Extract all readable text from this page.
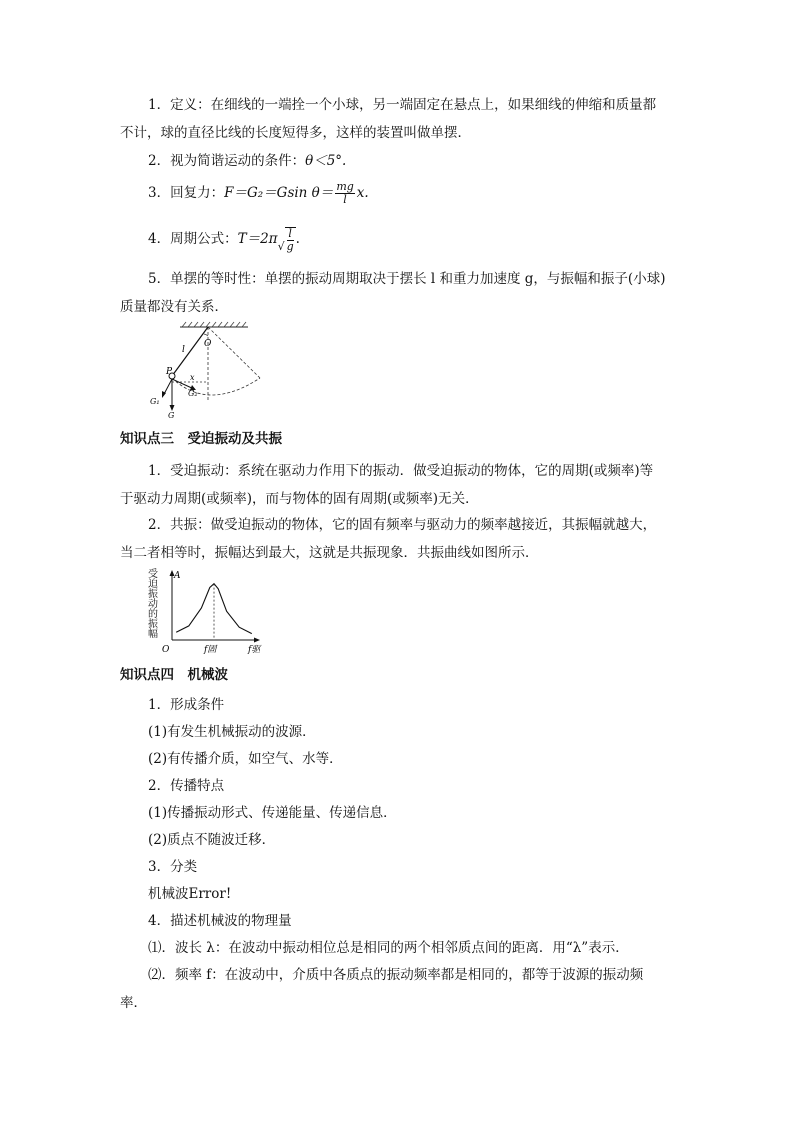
1．定义：在细线的一端拴一个小球，另一端固定在悬点上，如果细线的伸缩和质量都
不计，球的直径比线的长度短得多，这样的装置叫做单摆．
2．视为简谐运动的条件：θ＜5°.
3．回复力：F＝G₂＝Gsin $\theta= \frac{mg}{l} x$.
4．周期公式：$T=2\pi√ \frac{l}{g}$ .
5．单摆的等时性：单摆的振动周期取决于摆长 l 和重力加速度 g，与振幅和振子(小球)
质量都没有关系．
O
l
P
x
G₂
G₁
G
知识点三　受迫振动及共振
1．受迫振动：系统在驱动力作用下的振动．做受迫振动的物体，它的周期(或频率)等
于驱动力周期(或频率)，而与物体的固有周期(或频率)无关．
2．共振：做受迫振动的物体，它的固有频率与驱动力的频率越接近，其振幅就越大，
当二者相等时，振幅达到最大，这就是共振现象．共振曲线如图所示．
受迫振动的振幅
A
O	f固	f驱
知识点四　机械波
1．形成条件
(1)有发生机械振动的波源．
(2)有传播介质，如空气、水等．
2．传播特点
(1)传播振动形式、传递能量、传递信息．
(2)质点不随波迁移．
3．分类
机械波Error!
4．描述机械波的物理量
⑴．波长 λ：在波动中振动相位总是相同的两个相邻质点间的距离．用“λ”表示．
⑵．频率 f：在波动中，介质中各质点的振动频率都是相同的，都等于波源的振动频
率．
